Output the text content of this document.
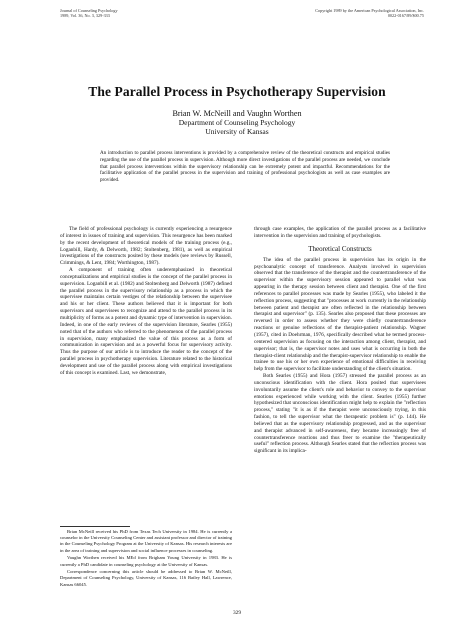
Journal of Counseling Psychology
1989, Vol. 36, No. 3, 329-333
Copyright 1989 by the American Psychological Association, Inc.
0022-0167/89/$00.75
The Parallel Process in Psychotherapy Supervision
Brian W. McNeill and Vaughn Worthen
Department of Counseling Psychology
University of Kansas
An introduction to parallel process interventions is provided by a comprehensive review of the theoretical constructs and empirical studies regarding the use of the parallel process in supervision. Although more direct investigations of the parallel process are needed, we conclude that parallel process interventions within the supervisory relationship can be extremely potent and impactful. Recommendations for the facilitative application of the parallel process in the supervision and training of professional psychologists as well as case examples are provided.

The field of professional psychology is currently experiencing a resurgence of interest in issues of training and supervision. This resurgence has been marked by the recent development of theoretical models of the training process (e.g., Loganbill, Hardy, & Delworth, 1982; Stoltenberg, 1981), as well as empirical investigations of the constructs posited by these models (see reviews by Russell, Crimmings, & Lent, 1984; Worthington, 1987).

A component of training often underemphasized in theoretical conceptualizations and empirical studies is the concept of the parallel process in supervision. Loganbill et al. (1982) and Stoltenberg and Delworth (1987) defined the parallel process in the supervisory relationship as a process in which the supervisee maintains certain vestiges of the relationship between the supervisee and his or her client. These authors believed that it is important for both supervisors and supervisees to recognize and attend to the parallel process in its multiplicity of forms as a potent and dynamic type of intervention in supervision. Indeed, in one of the early reviews of the supervision literature, Searles (1955) noted that of the authors who referred to the phenomenon of the parallel process in supervision, many emphasized the value of this process as a form of communication in supervision and as a powerful focus for supervisory activity. Thus the purpose of our article is to introduce the reader to the concept of the parallel process in psychotherapy supervision. Literature related to the historical development and use of the parallel process along with empirical investigations of this concept is examined. Last, we demonstrate,

Brian McNeill received his PhD from Texas Tech University in 1984. He is currently a counselor in the University Counseling Center and assistant professor and director of training in the Counseling Psychology Program at the University of Kansas. His research interests are in the area of training and supervision and social influence processes in counseling.

Vaughn Worthen received his MEd from Brigham Young University in 1983. He is currently a PhD candidate in counseling psychology at the University of Kansas.

Correspondence concerning this article should be addressed to Brian W. McNeill, Department of Counseling Psychology, University of Kansas, 116 Bailey Hall, Lawrence, Kansas 66045.

through case examples, the application of the parallel process as a facilitative intervention in the supervision and training of psychologists.

Theoretical Constructs

The idea of the parallel process in supervision has its origin in the psychoanalytic concept of transference. Analysts involved in supervision observed that the transference of the therapist and the countertransference of the supervisor within the supervisory session appeared to parallel what was appearing in the therapy session between client and therapist. One of the first references to parallel processes was made by Searles (1955), who labeled it the reflection process, suggesting that "processes at work currently in the relationship between patient and therapist are often reflected in the relationship between therapist and supervisor" (p. 135). Searles also proposed that these processes are reversed in order to assess whether they were chiefly countertransference reactions or genuine reflections of the therapist-patient relationship. Wagner (1957), cited in Doehrman, 1976, specifically described what he termed process-centered supervision as focusing on the interaction among client, therapist, and supervisor; that is, the supervisor notes and uses what is occurring in both the therapist-client relationship and the therapist-supervisor relationship to enable the trainee to use his or her own experience of emotional difficulties in receiving help from the supervisor to facilitate understanding of the client's situation.

Both Searles (1955) and Hora (1957) stressed the parallel process as an unconscious identification with the client. Hora posited that supervisees involuntarily assume the client's role and behavior to convey to the supervisor emotions experienced while working with the client. Searles (1955) further hypothesized that unconscious identification might help to explain the "reflection process," stating "it is as if the therapist were unconsciously trying, in this fashion, to tell the supervisor what the therapeutic problem is" (p. 144). He believed that as the supervisory relationship progressed, and as the supervisor and therapist advanced in self-awareness, they became increasingly free of countertransference reactions and thus freer to examine the "therapeutically useful" reflection process. Although Searles stated that the reflection process was significant in its implica-

329
